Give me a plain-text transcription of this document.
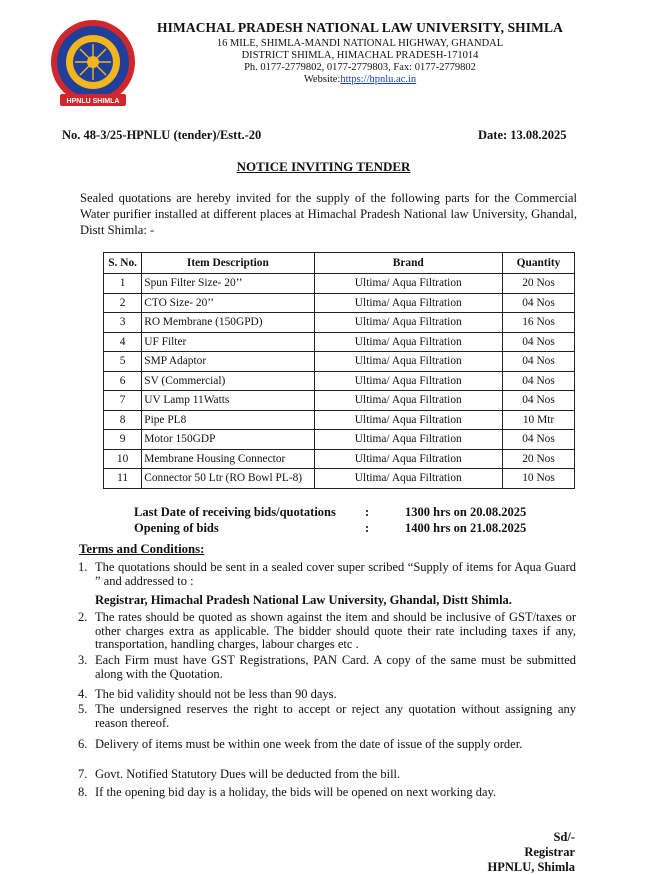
HPNLU SHIMLA
HIMACHAL PRADESH NATIONAL LAW UNIVERSITY, SHIMLA
16 MILE, SHIMLA-MANDI NATIONAL HIGHWAY, GHANDAL
DISTRICT SHIMLA, HIMACHAL PRADESH-171014
Ph. 0177-2779802, 0177-2779803, Fax: 0177-2779802
Website:https://hpnlu.ac.in
No. 48-3/25-HPNLU (tender)/Estt.-20	Date: 13.08.2025
NOTICE INVITING TENDER
Sealed quotations are hereby invited for the supply of the following parts for the Commercial Water purifier installed at different places at Himachal Pradesh National law University, Ghandal, Distt Shimla: -
S. No.	Item Description	Brand	Quantity
1	Spun Filter Size- 20’’	Ultima/ Aqua Filtration	20 Nos
2	CTO Size- 20’’	Ultima/ Aqua Filtration	04 Nos
3	RO Membrane (150GPD)	Ultima/ Aqua Filtration	16 Nos
4	UF Filter	Ultima/ Aqua Filtration	04 Nos
5	SMP Adaptor	Ultima/ Aqua Filtration	04 Nos
6	SV (Commercial)	Ultima/ Aqua Filtration	04 Nos
7	UV Lamp 11Watts	Ultima/ Aqua Filtration	04 Nos
8	Pipe PL8	Ultima/ Aqua Filtration	10 Mtr
9	Motor 150GDP	Ultima/ Aqua Filtration	04 Nos
10	Membrane Housing Connector	Ultima/ Aqua Filtration	20 Nos
11	Connector 50 Ltr (RO Bowl PL-8)	Ultima/ Aqua Filtration	10 Nos
Last Date of receiving bids/quotations :	1300 hrs on 20.08.2025
Opening of bids	:	1400 hrs on 21.08.2025
Terms and Conditions:
1. The quotations should be sent in a sealed cover super scribed “Supply of items for Aqua Guard ” and addressed to :
Registrar, Himachal Pradesh National Law University, Ghandal, Distt Shimla.
2. The rates should be quoted as shown against the item and should be inclusive of GST/taxes or other charges extra as applicable. The bidder should quote their rate including taxes if any, transportation, handling charges, labour charges etc .
3. Each Firm must have GST Registrations, PAN Card. A copy of the same must be submitted along with the Quotation.
4. The bid validity should not be less than 90 days.
5. The undersigned reserves the right to accept or reject any quotation without assigning any reason thereof.
6. Delivery of items must be within one week from the date of issue of the supply order.
7. Govt. Notified Statutory Dues will be deducted from the bill.
8. If the opening bid day is a holiday, the bids will be opened on next working day.
Sd/-
Registrar
HPNLU, Shimla
